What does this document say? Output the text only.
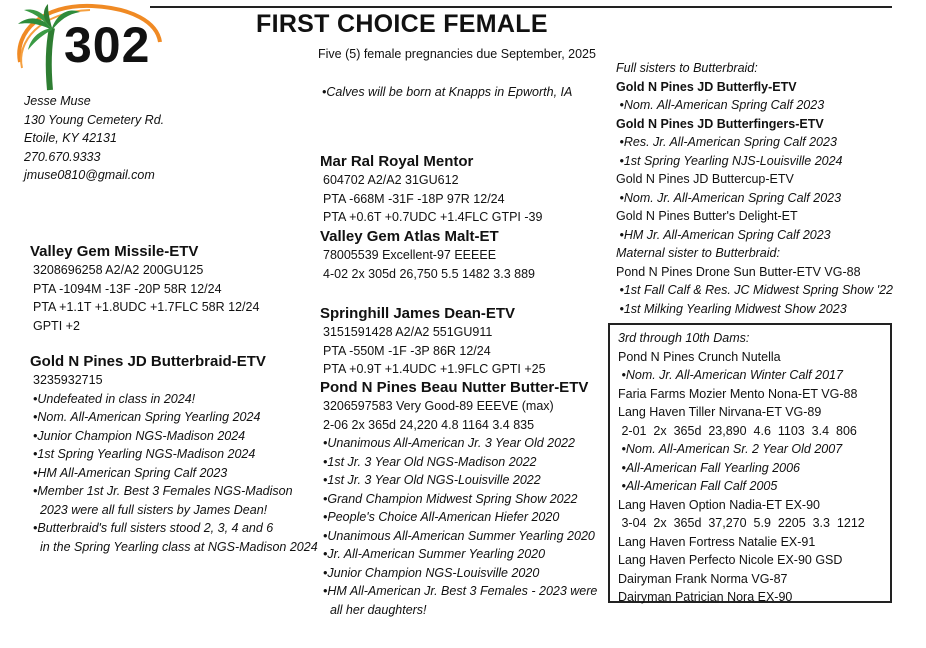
302	FIRST CHOICE FEMALE
Five (5) female pregnancies due September, 2025
Jesse Muse
130 Young Cemetery Rd.
Etoile, KY 42131
270.670.9333
jmuse0810@gmail.com
•Calves will be born at Knapps in Epworth, IA
Valley Gem Missile-ETV
3208696258 A2/A2 200GU125
PTA -1094M -13F -20P 58R 12/24
PTA +1.1T +1.8UDC +1.7FLC 58R 12/24
GPTI +2
Gold N Pines JD Butterbraid-ETV
3235932715
•Undefeated in class in 2024!
•Nom. All-American Spring Yearling 2024
•Junior Champion NGS-Madison 2024
•1st Spring Yearling NGS-Madison 2024
•HM All-American Spring Calf 2023
•Member 1st Jr. Best 3 Females NGS-Madison
2023 were all full sisters by James Dean!
•Butterbraid's full sisters stood 2, 3, 4 and 6
in the Spring Yearling class at NGS-Madison 2024
Mar Ral Royal Mentor
604702 A2/A2 31GU612
PTA -668M -31F -18P 97R 12/24
PTA +0.6T +0.7UDC +1.4FLC GTPI -39
Valley Gem Atlas Malt-ET
78005539 Excellent-97 EEEEE
4-02 2x 305d 26,750 5.5 1482 3.3 889
Springhill James Dean-ETV
3151591428 A2/A2 551GU911
PTA -550M -1F -3P 86R 12/24
PTA +0.9T +1.4UDC +1.9FLC GPTI +25
Pond N Pines Beau Nutter Butter-ETV
3206597583 Very Good-89 EEEVE (max)
2-06 2x 365d 24,220 4.8 1164 3.4 835
•Unanimous All-American Jr. 3 Year Old 2022
•1st Jr. 3 Year Old NGS-Madison 2022
•1st Jr. 3 Year Old NGS-Louisville 2022
•Grand Champion Midwest Spring Show 2022
•People's Choice All-American Hiefer 2020
•Unanimous All-American Summer Yearling 2020
•Jr. All-American Summer Yearling 2020
•Junior Champion NGS-Louisville 2020
•HM All-American Jr. Best 3 Females - 2023 were
all her daughters!
Full sisters to Butterbraid:
Gold N Pines JD Butterfly-ETV
•Nom. All-American Spring Calf 2023
Gold N Pines JD Butterfingers-ETV
•Res. Jr. All-American Spring Calf 2023
•1st Spring Yearling NJS-Louisville 2024
Gold N Pines JD Buttercup-ETV
•Nom. Jr. All-American Spring Calf 2023
Gold N Pines Butter's Delight-ET
•HM Jr. All-American Spring Calf 2023
Maternal sister to Butterbraid:
Pond N Pines Drone Sun Butter-ETV VG-88
•1st Fall Calf & Res. JC Midwest Spring Show '22
•1st Milking Yearling Midwest Show 2023
3rd through 10th Dams:
Pond N Pines Crunch Nutella
•Nom. Jr. All-American Winter Calf 2017
Faria Farms Mozier Mento Nona-ET VG-88
Lang Haven Tiller Nirvana-ET VG-89
2-01  2x  365d  23,890  4.6  1103  3.4  806
•Nom. All-American Sr. 2 Year Old 2007
•All-American Fall Yearling 2006
•All-American Fall Calf 2005
Lang Haven Option Nadia-ET EX-90
3-04  2x  365d  37,270  5.9  2205  3.3  1212
Lang Haven Fortress Natalie EX-91
Lang Haven Perfecto Nicole EX-90 GSD
Dairyman Frank Norma VG-87
Dairyman Patrician Nora EX-90
